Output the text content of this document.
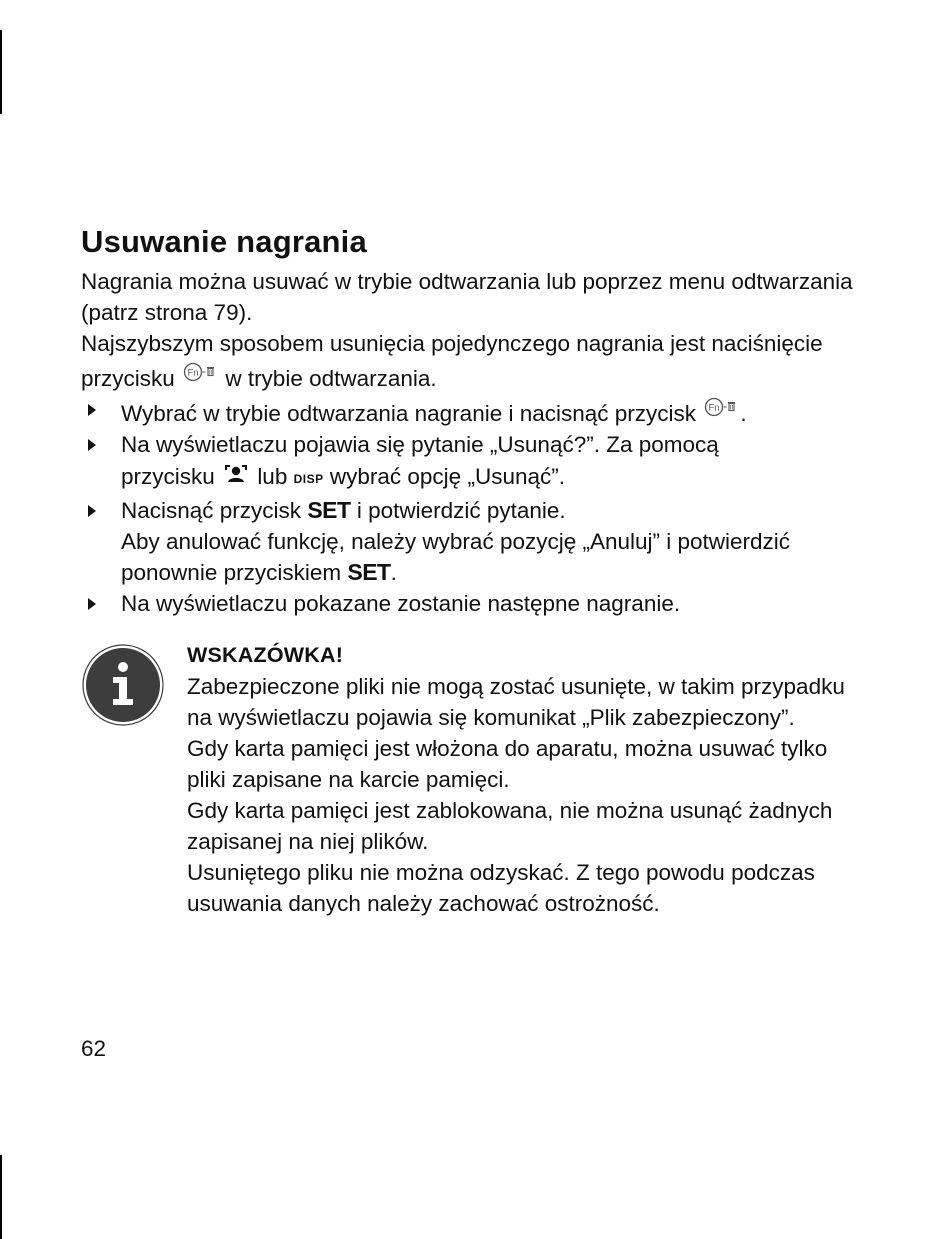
Usuwanie nagrania

Nagrania można usuwać w trybie odtwarzania lub poprzez menu odtwarzania (patrz strona 79).

Najszybszym sposobem usunięcia pojedynczego nagrania jest naciśnięcie przycisku Fn w trybie odtwarzania.

Wybrać w trybie odtwarzania nagranie i nacisnąć przycisk Fn .
Na wyświetlaczu pojawia się pytanie „Usunąć?”. Za pomocą
przycisku lub DISP wybrać opcję „Usunąć”.
Nacisnąć przycisk SET i potwierdzić pytanie.
Aby anulować funkcję, należy wybrać pozycję „Anuluj” i potwierdzić ponownie przyciskiem SET.
Na wyświetlaczu pokazane zostanie następne nagranie.

WSKAZÓWKA!

Zabezpieczone pliki nie mogą zostać usunięte, w takim przypadku na wyświetlaczu pojawia się komunikat „Plik zabezpieczony”.

Gdy karta pamięci jest włożona do aparatu, można usuwać tylko pliki zapisane na karcie pamięci.

Gdy karta pamięci jest zablokowana, nie można usunąć żadnych zapisanej na niej plików.

Usuniętego pliku nie można odzyskać. Z tego powodu podczas usuwania danych należy zachować ostrożność.

62
